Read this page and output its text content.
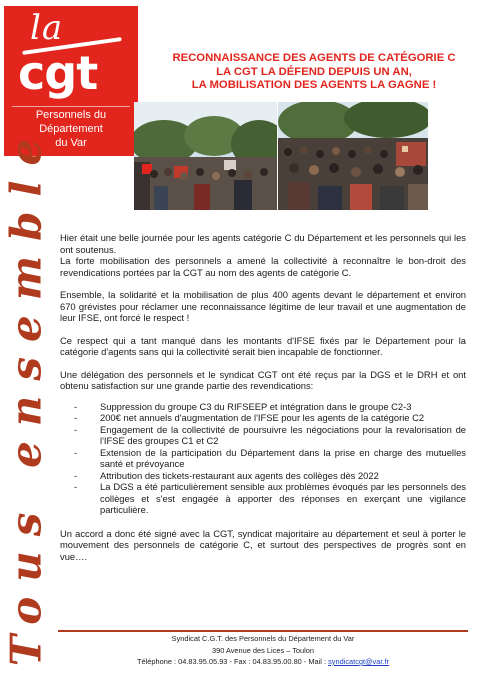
la
cgt
Personnels du
Département
du Var
Tous ensemble
RECONNAISSANCE DES AGENTS DE CATÉGORIE C
LA CGT LA DÉFEND DEPUIS UN AN,
LA MOBILISATION DES AGENTS LA GAGNE !

Hier était une belle journée pour les agents catégorie C du Département et les personnels qui les ont soutenus.

La forte mobilisation des personnels a amené la collectivité à reconnaître le bon-droit des revendications portées par la CGT au nom des agents de catégorie C.

Ensemble, la solidarité et la mobilisation de plus 400 agents devant le département et environ 670 grévistes pour réclamer une reconnaissance légitime de leur travail et une augmentation de leur IFSE, ont forcé le respect !

Ce respect qui a tant manqué dans les montants d'IFSE fixés par le Département pour la catégorie d'agents sans qui la collectivité serait bien incapable de fonctionner.

Une délégation des personnels et le syndicat CGT ont été reçus par la DGS et le DRH et ont obtenu satisfaction sur une grande partie des revendications:

- Suppression du groupe C3 du RIFSEEP et intégration dans le groupe C2-3
- 200€ net annuels d'augmentation de l'IFSE pour les agents de la catégorie C2
- Engagement de la collectivité de poursuivre les négociations pour la revalorisation de l'IFSE des groupes C1 et C2
- Extension de la participation du Département dans la prise en charge des mutuelles santé et prévoyance
- Attribution des tickets-restaurant aux agents des collèges dès 2022
- La DGS a été particulièrement sensible aux problèmes évoqués par les personnels des collèges et s'est engagée à apporter des réponses en exerçant une vigilance particulière.

Un accord a donc été signé avec la CGT, syndicat majoritaire au département et seul à porter le mouvement des personnels de catégorie C, et surtout des perspectives de progrès sont en vue….

Syndicat C.G.T. des Personnels du Département du Var
390 Avenue des Lices – Toulon
Téléphone : 04.83.95.05.93 - Fax : 04.83.95.00.80 - Mail : syndicatcgt@var.fr
